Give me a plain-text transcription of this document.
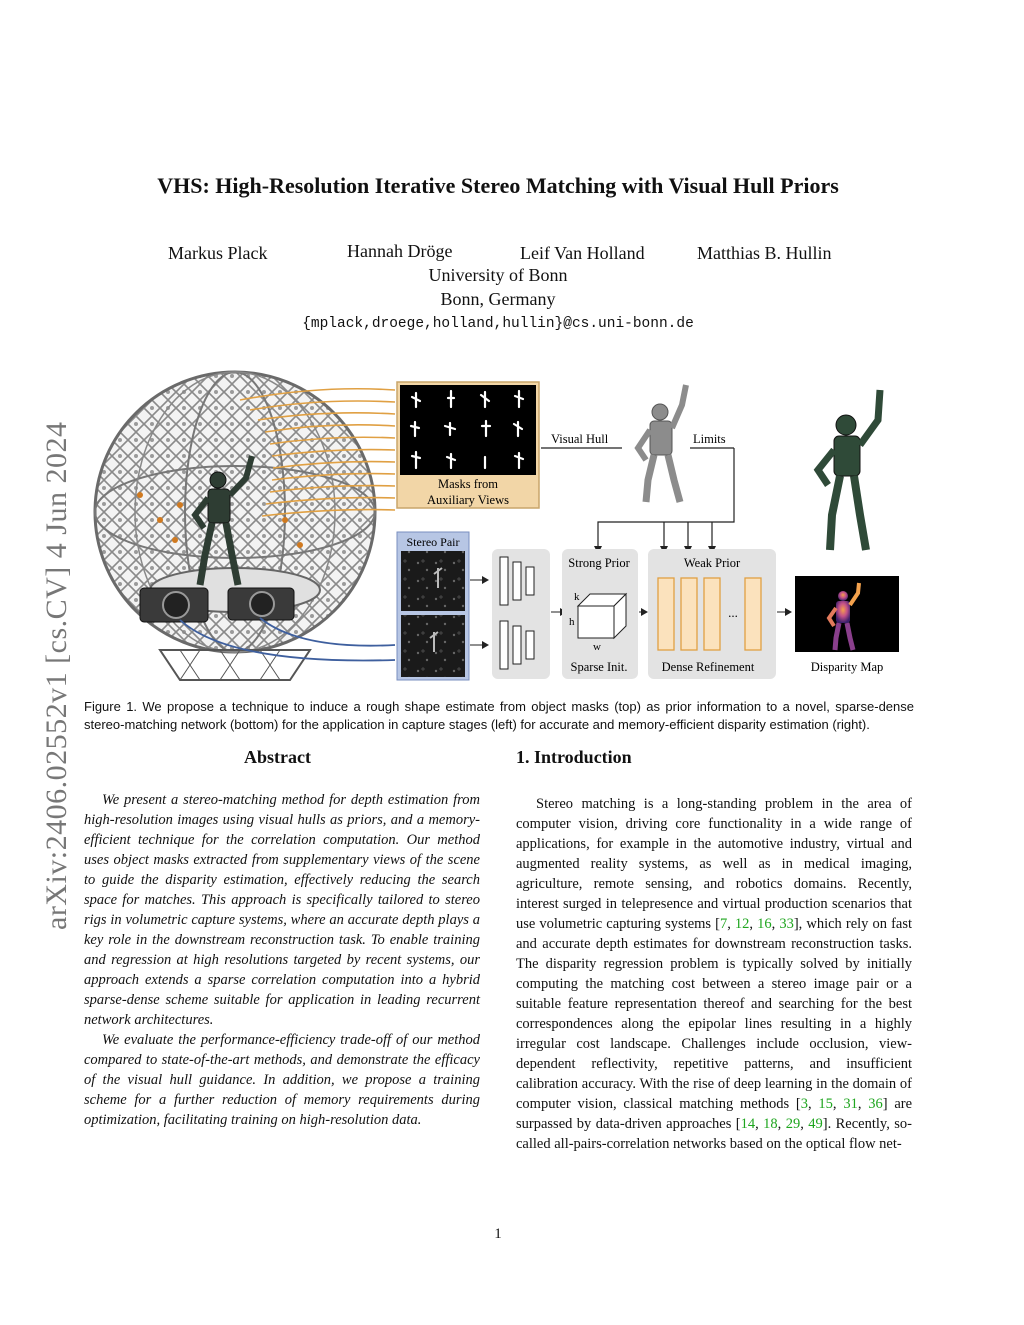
arXiv:2406.02552v1 [cs.CV] 4 Jun 2024
VHS: High-Resolution Iterative Stereo Matching with Visual Hull Priors
Markus Plack	Hannah Dröge	Leif Van Holland	Matthias B. Hullin
University of Bonn
Bonn, Germany
{mplack,droege,holland,hullin}@cs.uni-bonn.de
Masks from
Auxiliary Views
Visual Hull	Limits
Stereo Pair
Strong Prior
k
h
w
Sparse Init.
Weak Prior
...
Dense Refinement	Disparity Map
Figure 1. We propose a technique to induce a rough shape estimate from object masks (top) as prior information to a novel, sparse-dense stereo-matching network (bottom) for the application in capture stages (left) for accurate and memory-efficient disparity estimation (right).
Abstract	1. Introduction

We present a stereo-matching method for depth estimation from high-resolution images using visual hulls as priors, and a memory-efficient technique for the correlation computation. Our method uses object masks extracted from supplementary views of the scene to guide the disparity estimation, effectively reducing the search space for matches. This approach is specifically tailored to stereo rigs in volumetric capture systems, where an accurate depth plays a key role in the downstream reconstruction task. To enable training and regression at high resolutions targeted by recent systems, our approach extends a sparse correlation computation into a hybrid sparse-dense scheme suitable for application in leading recurrent network architectures.

We evaluate the performance-efficiency trade-off of our method compared to state-of-the-art methods, and demonstrate the efficacy of the visual hull guidance. In addition, we propose a training scheme for a further reduction of memory requirements during optimization, facilitating training on high-resolution data.

Stereo matching is a long-standing problem in the area of computer vision, driving core functionality in a wide range of applications, for example in the automotive industry, virtual and augmented reality systems, as well as in medical imaging, agriculture, remote sensing, and robotics domains. Recently, interest surged in telepresence and virtual production scenarios that use volumetric capturing systems [7, 12, 16, 33], which rely on fast and accurate depth estimates for downstream reconstruction tasks. The disparity regression problem is typically solved by initially computing the matching cost between a stereo image pair or a suitable feature representation thereof and searching for the best correspondences along the epipolar lines resulting in a highly irregular cost landscape. Challenges include occlusion, view-dependent reflectivity, repetitive patterns, and insufficient calibration accuracy. With the rise of deep learning in the domain of computer vision, classical matching methods [3, 15, 31, 36] are surpassed by data-driven approaches [14, 18, 29, 49]. Recently, so-called all-pairs-correlation networks based on the optical flow net-

1
